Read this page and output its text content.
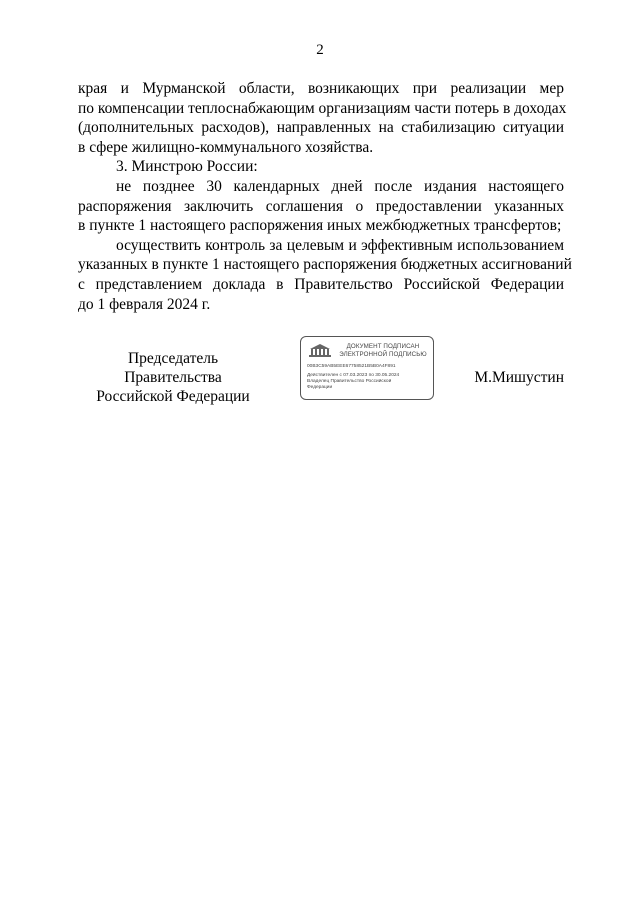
2
края и Мурманской области, возникающих при реализации мер
по компенсации теплоснабжающим организациям части потерь в доходах
(дополнительных расходов), направленных на стабилизацию ситуации
в сфере жилищно-коммунального хозяйства.
3. Минстрою России:
не позднее 30 календарных дней после издания настоящего
распоряжения заключить соглашения о предоставлении указанных
в пункте 1 настоящего распоряжения иных межбюджетных трансфертов;
осуществить контроль за целевым и эффективным использованием
указанных в пункте 1 настоящего распоряжения бюджетных ассигнований
с представлением доклада в Правительство Российской Федерации
до 1 февраля 2024 г.
Председатель Правительства
Российской Федерации
М.Мишустин
ДОКУМЕНТ ПОДПИСАН
ЭЛЕКТРОННОЙ ПОДПИСЬЮ
00B3C59AB5EEE67758521B5B0A4F891
Действителен с 07.03.2023 по 30.05.2024
Владелец Правительство Российской
Федерации
